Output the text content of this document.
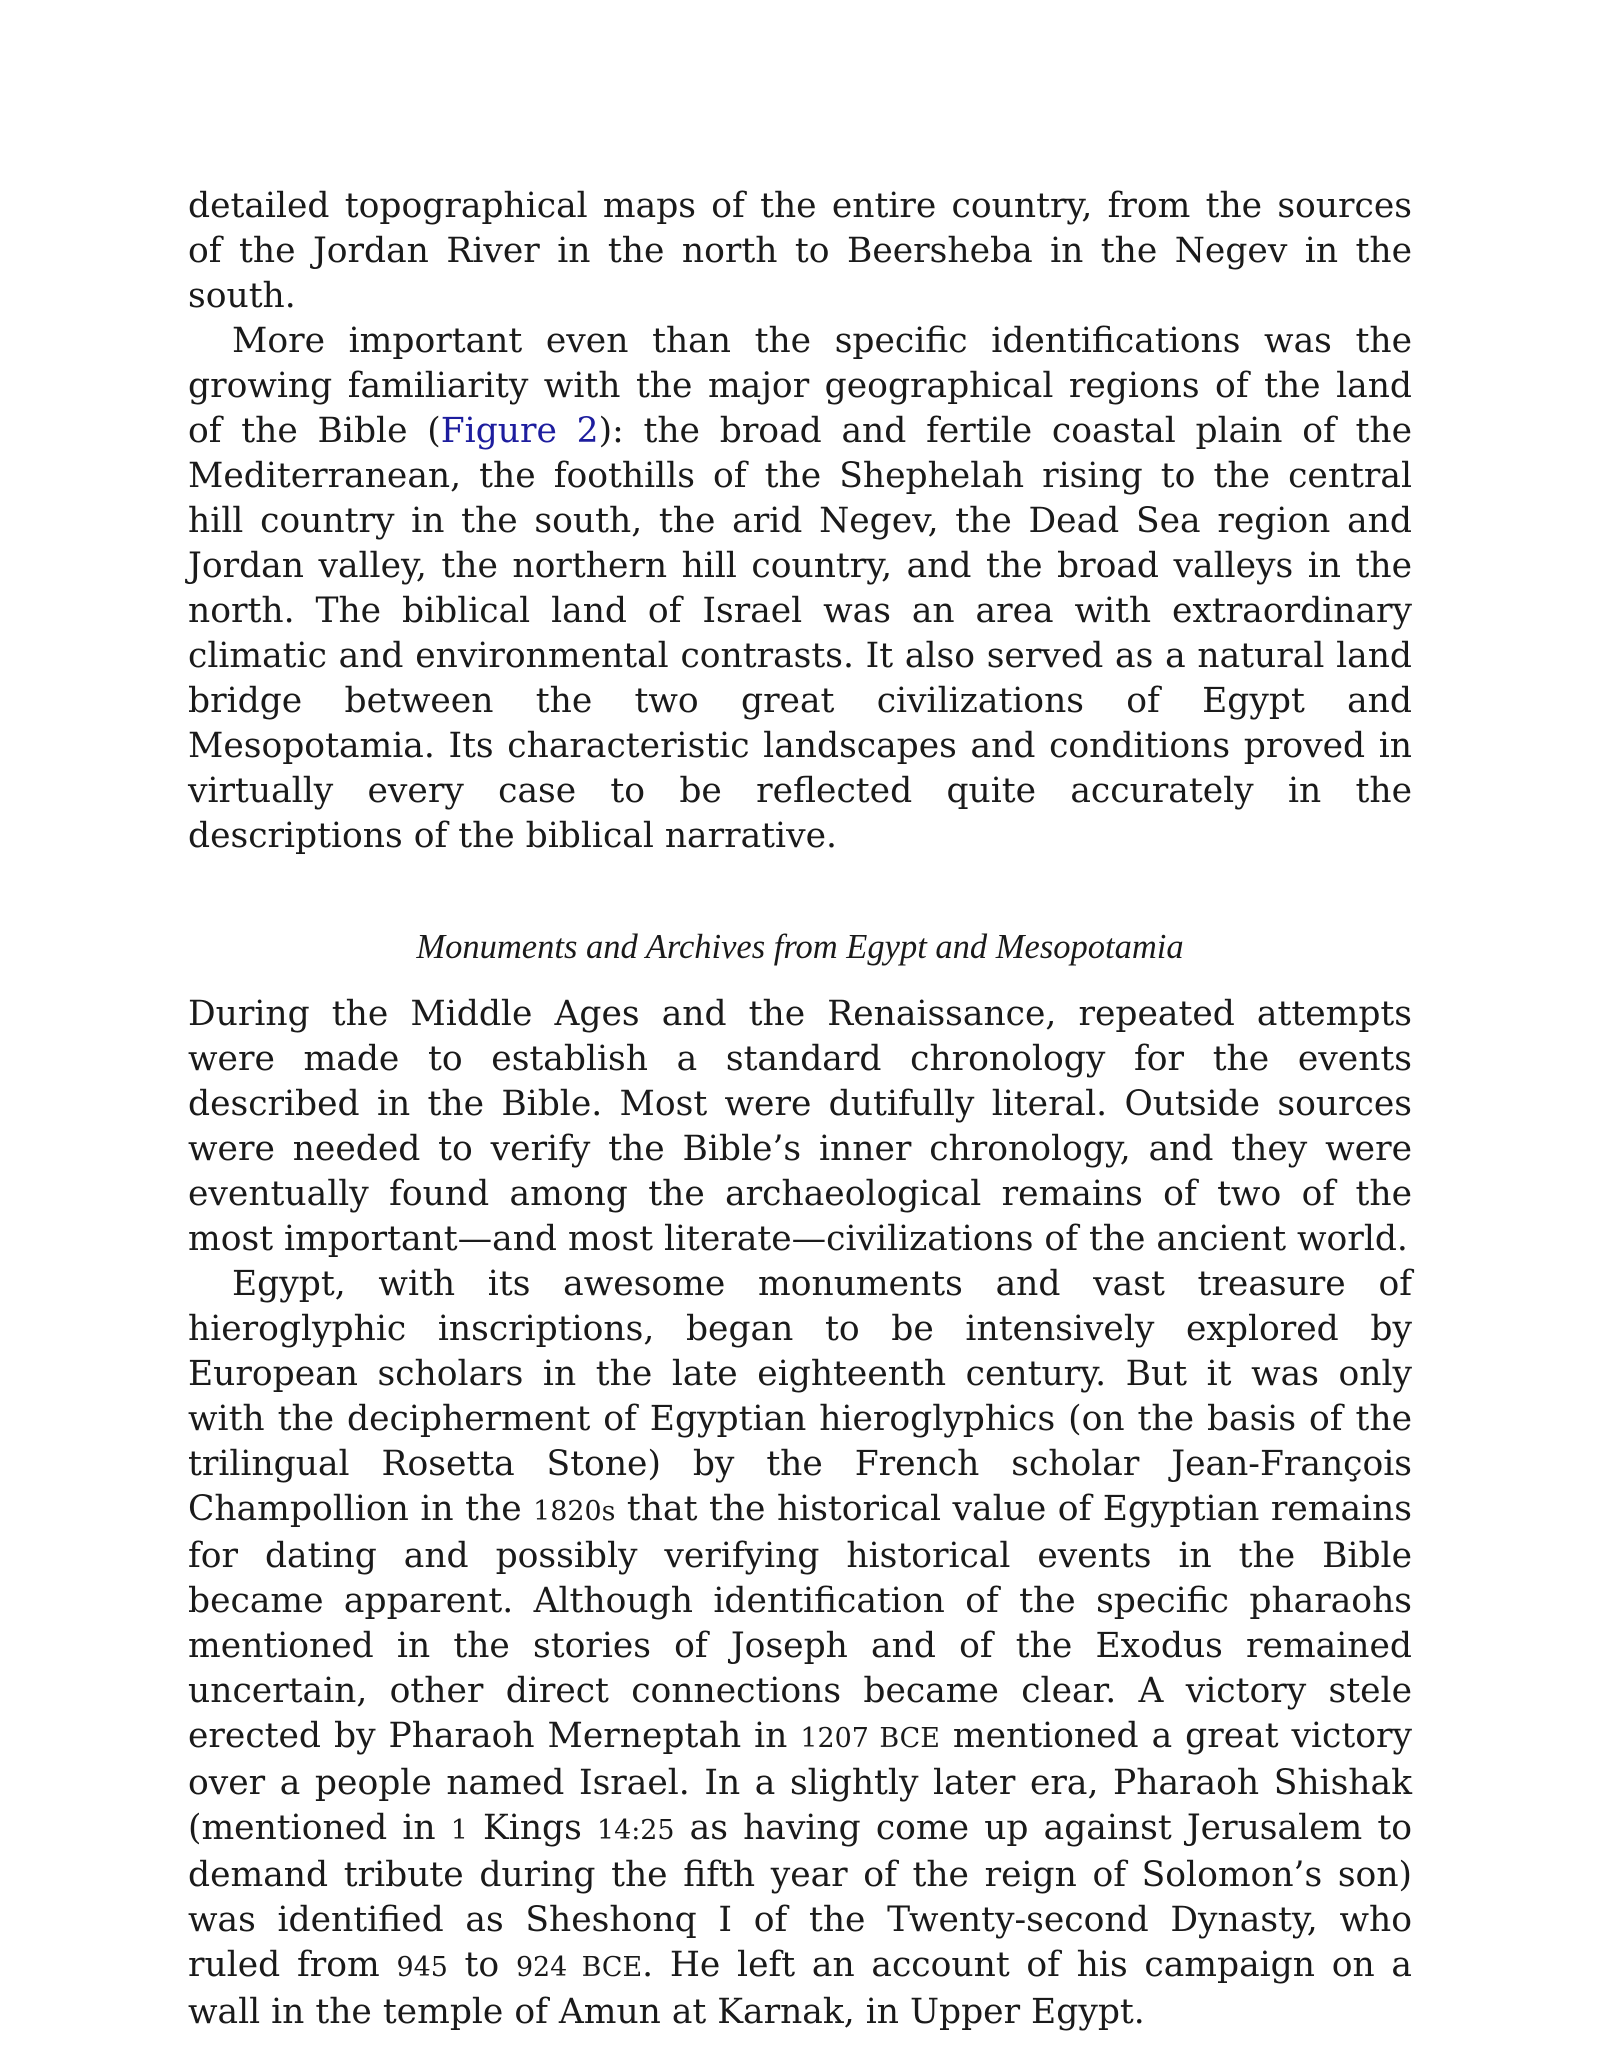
detailed topographical maps of the entire country, from the sources of the Jordan River in the north to Beersheba in the Negev in the south.

More important even than the specific identifications was the growing familiarity with the major geographical regions of the land of the Bible (Figure 2): the broad and fertile coastal plain of the Mediterranean, the foothills of the Shephelah rising to the central hill country in the south, the arid Negev, the Dead Sea region and Jordan valley, the northern hill country, and the broad valleys in the north. The biblical land of Israel was an area with extraordinary climatic and environmental contrasts. It also served as a natural land bridge between the two great civilizations of Egypt and Mesopotamia. Its characteristic landscapes and conditions proved in virtually every case to be reflected quite accurately in the descriptions of the biblical narrative.

Monuments and Archives from Egypt and Mesopotamia

During the Middle Ages and the Renaissance, repeated attempts were made to establish a standard chronology for the events described in the Bible. Most were dutifully literal. Outside sources were needed to verify the Bible’s inner chronology, and they were eventually found among the archaeological remains of two of the most important—and most literate—civilizations of the ancient world.

Egypt, with its awesome monuments and vast treasure of hieroglyphic inscriptions, began to be intensively explored by European scholars in the late eighteenth century. But it was only with the decipherment of Egyptian hieroglyphics (on the basis of the trilingual Rosetta Stone) by the French scholar Jean-François Champollion in the 1820s that the historical value of Egyptian remains for dating and possibly verifying historical events in the Bible became apparent. Although identification of the specific pharaohs mentioned in the stories of Joseph and of the Exodus remained uncertain, other direct connections became clear. A victory stele erected by Pharaoh Merneptah in 1207 BCE mentioned a great victory over a people named Israel. In a slightly later era, Pharaoh Shishak (mentioned in 1 Kings 14:25 as having come up against Jerusalem to demand tribute during the fifth year of the reign of Solomon’s son) was identified as Sheshonq I of the Twenty-second Dynasty, who ruled from 945 to 924 BCE. He left an account of his campaign on a wall in the temple of Amun at Karnak, in Upper Egypt.
